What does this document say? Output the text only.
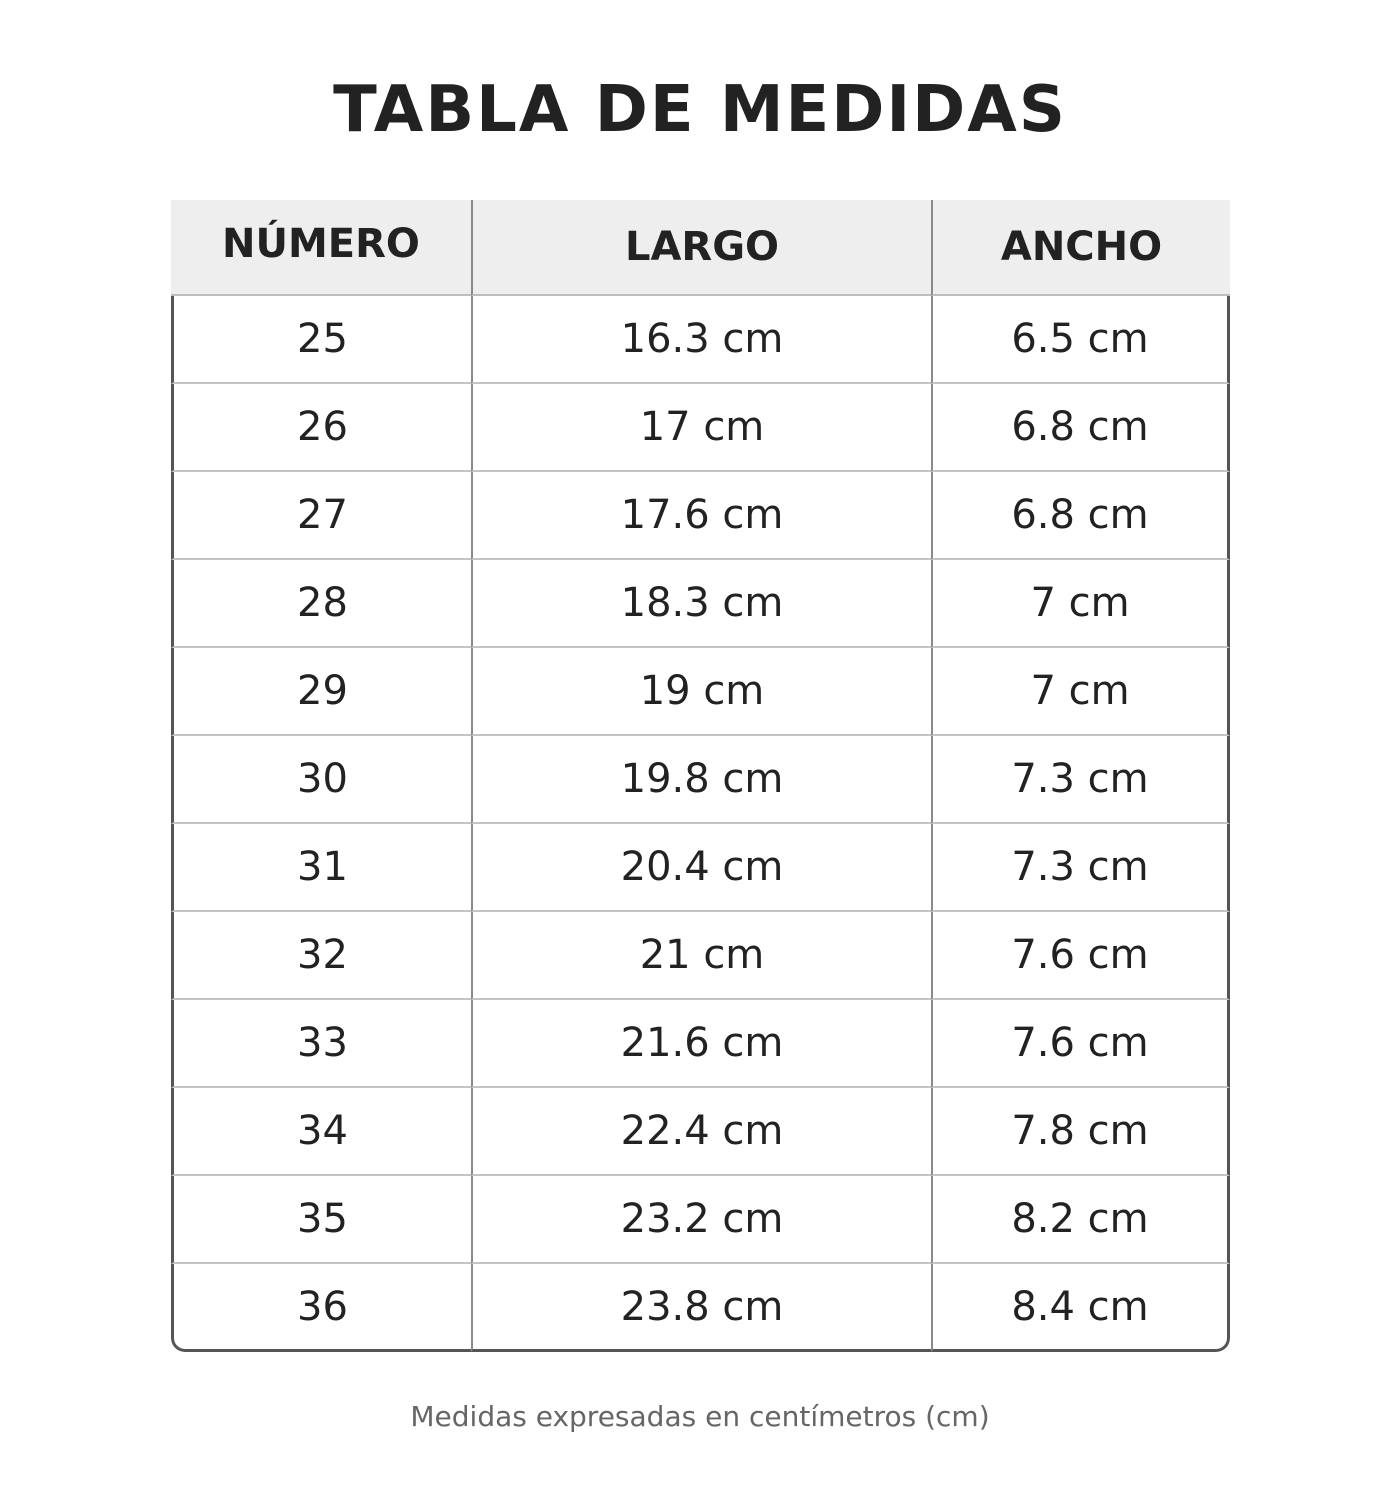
TABLA DE MEDIDAS
NÚMERO	LARGO	ANCHO
25	16.3 cm	6.5 cm
26	17 cm	6.8 cm
27	17.6 cm	6.8 cm
28	18.3 cm	7 cm
29	19 cm	7 cm
30	19.8 cm	7.3 cm
31	20.4 cm	7.3 cm
32	21 cm	7.6 cm
33	21.6 cm	7.6 cm
34	22.4 cm	7.8 cm
35	23.2 cm	8.2 cm
36	23.8 cm	8.4 cm
Medidas expresadas en centímetros (cm)
